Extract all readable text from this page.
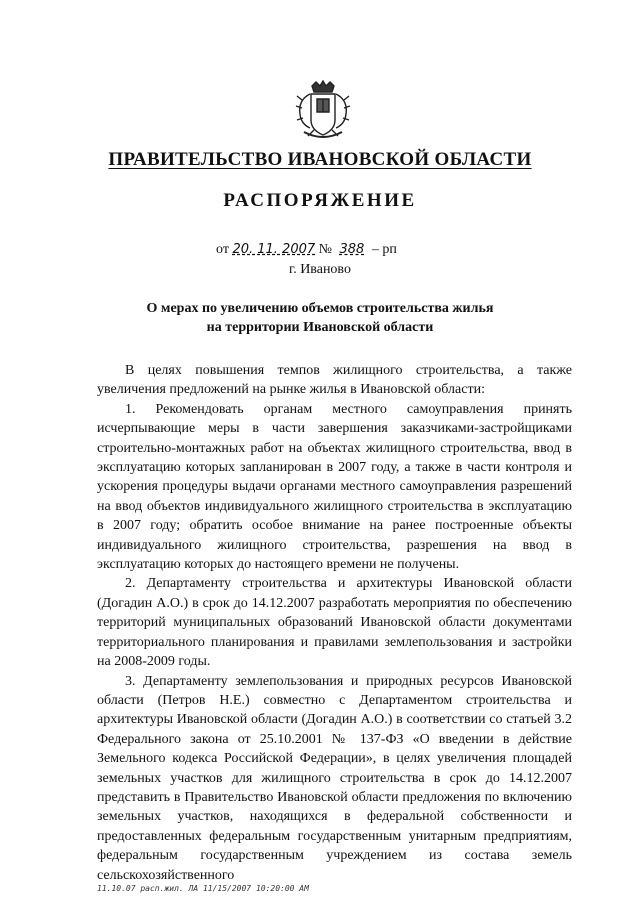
ПРАВИТЕЛЬСТВО ИВАНОВСКОЙ ОБЛАСТИ
РАСПОРЯЖЕНИЕ
от 20. 11. 2007 № 388 – рп
г. Иваново
О мерах по увеличению объемов строительства жилья
на территории Ивановской области

В целях повышения темпов жилищного строительства, а также увеличения предложений на рынке жилья в Ивановской области:

1. Рекомендовать органам местного самоуправления принять исчерпывающие меры в части завершения заказчиками-застройщиками строительно-монтажных работ на объектах жилищного строительства, ввод в эксплуатацию которых запланирован в 2007 году, а также в части контроля и ускорения процедуры выдачи органами местного самоуправления разрешений на ввод объектов индивидуального жилищного строительства в эксплуатацию в 2007 году; обратить особое внимание на ранее построенные объекты индивидуального жилищного строительства, разрешения на ввод в эксплуатацию которых до настоящего времени не получены.

2. Департаменту строительства и архитектуры Ивановской области (Догадин А.О.) в срок до 14.12.2007 разработать мероприятия по обеспечению территорий муниципальных образований Ивановской области документами территориального планирования и правилами землепользования и застройки на 2008-2009 годы.

3. Департаменту землепользования и природных ресурсов Ивановской области (Петров Н.Е.) совместно с Департаментом строительства и архитектуры Ивановской области (Догадин А.О.) в соответствии со статьей 3.2 Федерального закона от 25.10.2001 № 137-ФЗ «О введении в действие Земельного кодекса Российской Федерации», в целях увеличения площадей земельных участков для жилищного строительства в срок до 14.12.2007 представить в Правительство Ивановской области предложения по включению земельных участков, находящихся в федеральной собственности и предоставленных федеральным государственным унитарным предприятиям, федеральным государственным учреждением из состава земель сельскохозяйственного

11.10.07 расп.жил. ЛА 11/15/2007 10:20:00 AM
